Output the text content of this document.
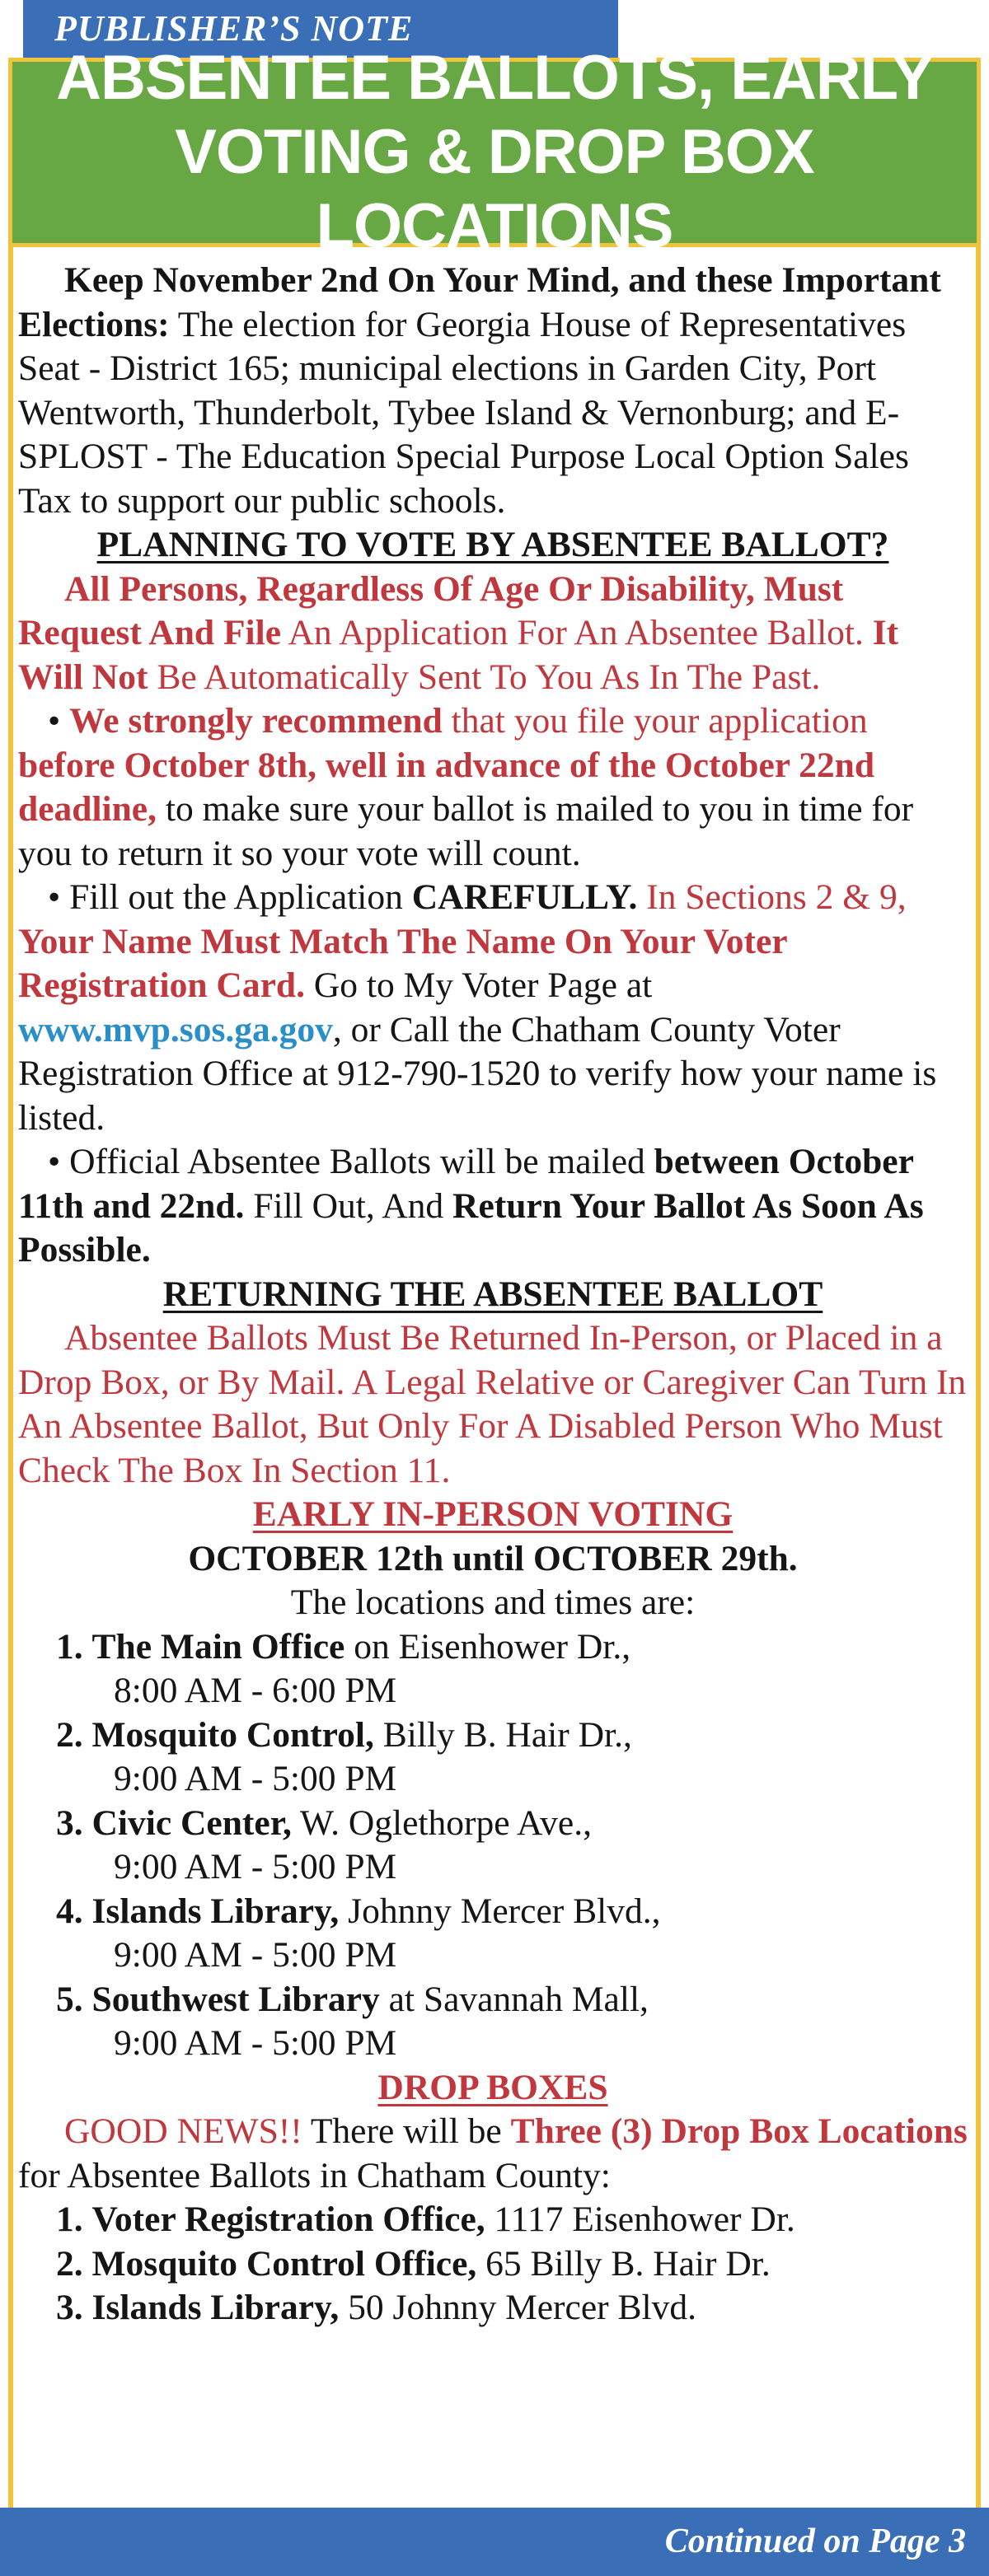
PUBLISHER’S NOTE
ABSENTEE BALLOTS, EARLY
VOTING & DROP BOX LOCATIONS

Keep November 2nd On Your Mind, and these Important Elections: The election for Georgia House of Representatives Seat - District 165; municipal elections in Garden City, Port Wentworth, Thunderbolt, Tybee Island & Vernonburg; and E-SPLOST - The Education Special Purpose Local Option Sales Tax to support our public schools.

PLANNING TO VOTE BY ABSENTEE BALLOT?

All Persons, Regardless Of Age Or Disability, Must Request And File An Application For An Absentee Ballot. It Will Not Be Automatically Sent To You As In The Past.

• We strongly recommend that you file your application before October 8th, well in advance of the October 22nd deadline, to make sure your ballot is mailed to you in time for you to return it so your vote will count.

• Fill out the Application CAREFULLY. In Sections 2 & 9, Your Name Must Match The Name On Your Voter Registration Card. Go to My Voter Page at www.mvp.sos.ga.gov, or Call the Chatham County Voter Registration Office at 912-790-1520 to verify how your name is listed.

• Official Absentee Ballots will be mailed between October 11th and 22nd. Fill Out, And Return Your Ballot As Soon As Possible.

RETURNING THE ABSENTEE BALLOT

Absentee Ballots Must Be Returned In-Person, or Placed in a Drop Box, or By Mail. A Legal Relative or Caregiver Can Turn In An Absentee Ballot, But Only For A Disabled Person Who Must Check The Box In Section 11.

EARLY IN-PERSON VOTING

OCTOBER 12th until OCTOBER 29th.

The locations and times are:

1. The Main Office on Eisenhower Dr.,
8:00 AM - 6:00 PM
2. Mosquito Control, Billy B. Hair Dr.,
9:00 AM - 5:00 PM
3. Civic Center, W. Oglethorpe Ave.,
9:00 AM - 5:00 PM
4. Islands Library, Johnny Mercer Blvd.,
9:00 AM - 5:00 PM
5. Southwest Library at Savannah Mall,
9:00 AM - 5:00 PM

DROP BOXES

GOOD NEWS!! There will be Three (3) Drop Box Locations for Absentee Ballots in Chatham County:

1. Voter Registration Office, 1117 Eisenhower Dr.
2. Mosquito Control Office, 65 Billy B. Hair Dr.
3. Islands Library, 50 Johnny Mercer Blvd.
Continued on Page 3
